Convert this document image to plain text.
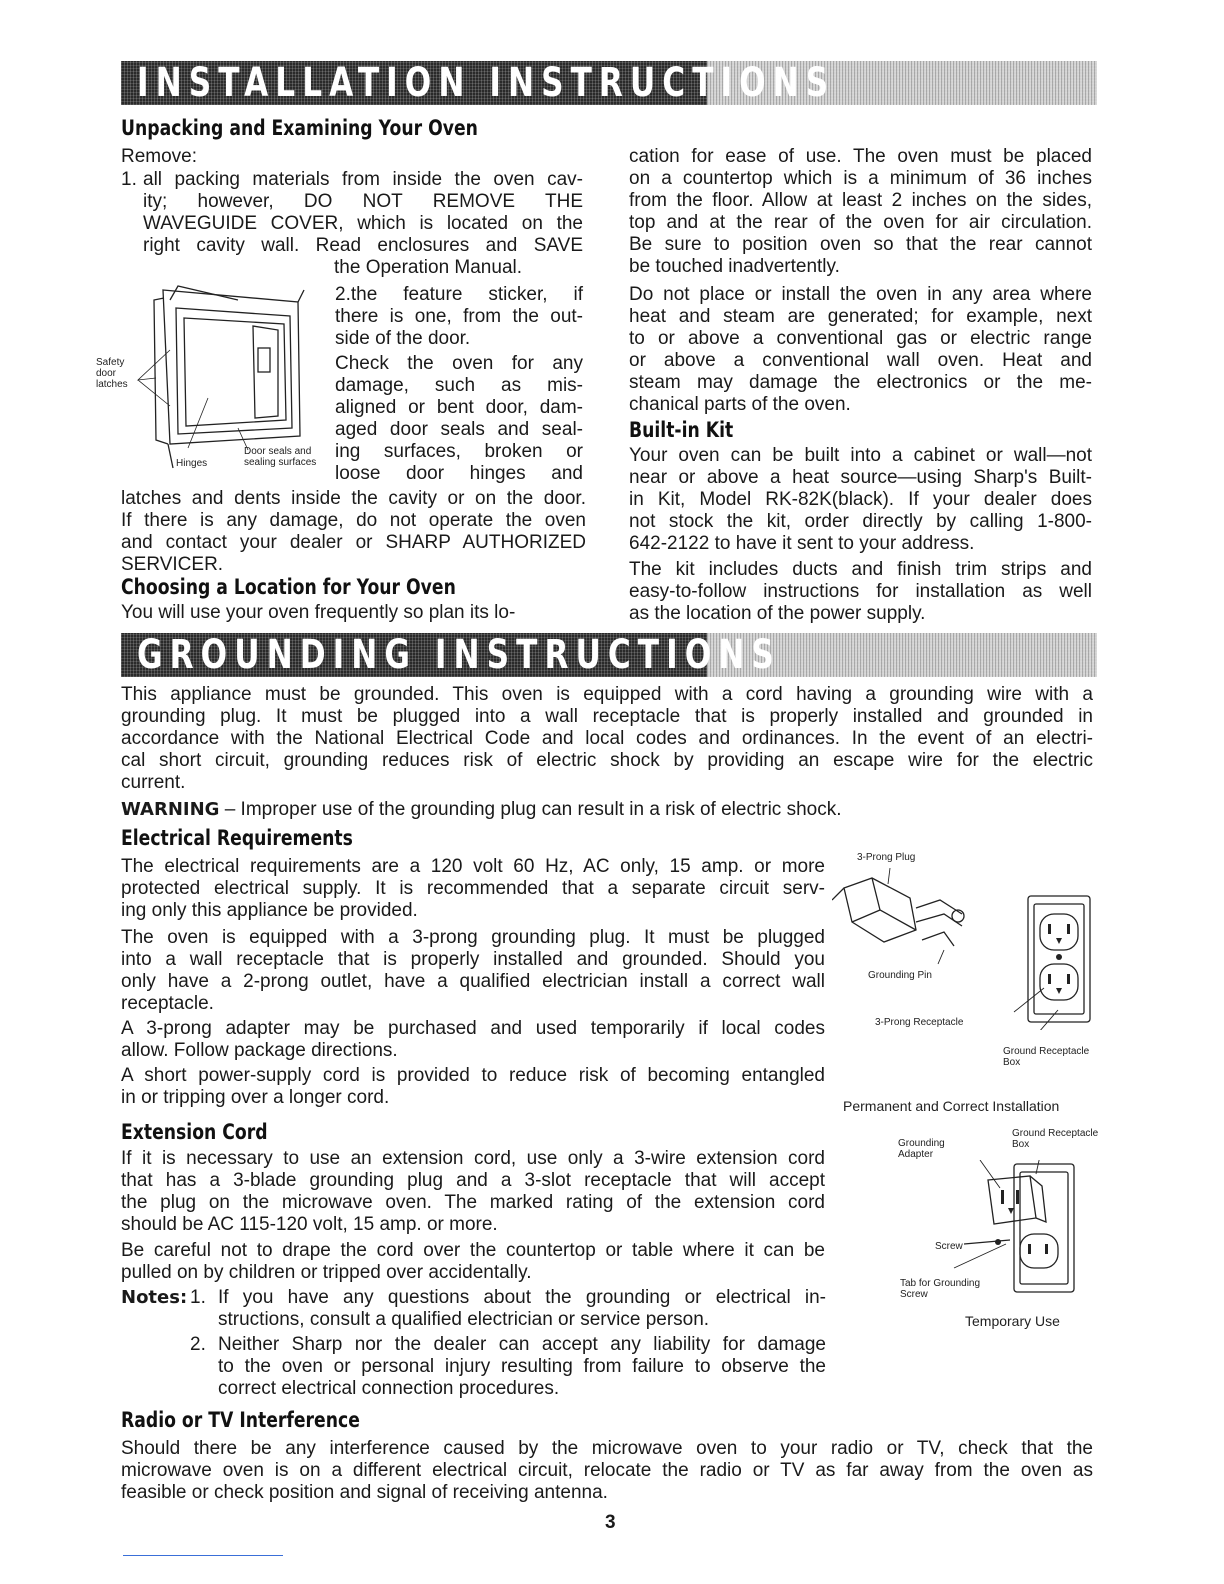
INSTALLATION INSTRUCTIONS
Unpacking and Examining Your Oven
Remove:
1. all packing materials from inside the oven cav-

ity; however, DO NOT REMOVE THE

WAVEGUIDE COVER, which is located on the

right cavity wall. Read enclosures and SAVE

the Operation Manual.

Safety door latches
Hinges
Door seals and sealing surfaces

2.the feature sticker, if

there is one, from the out-

side of the door.

Check the oven for any

damage, such as mis-

aligned or bent door, dam-

aged door seals and seal-

ing surfaces, broken or

loose door hinges and

latches and dents inside the cavity or on the door.

If there is any damage, do not operate the oven

and contact your dealer or SHARP AUTHORIZED

SERVICER.

Choosing a Location for Your Oven
You will use your oven frequently so plan its lo-

cation for ease of use. The oven must be placed

on a countertop which is a minimum of 36 inches

from the floor. Allow at least 2 inches on the sides,

top and at the rear of the oven for air circulation.

Be sure to position oven so that the rear cannot

be touched inadvertently.

Do not place or install the oven in any area where

heat and steam are generated; for example, next

to or above a conventional gas or electric range

or above a conventional wall oven. Heat and

steam may damage the electronics or the me-

chanical parts of the oven.

Built-in Kit

Your oven can be built into a cabinet or wall—not

near or above a heat source—using Sharp's Built-

in Kit, Model RK-82K(black). If your dealer does

not stock the kit, order directly by calling 1-800-

642-2122 to have it sent to your address.

The kit includes ducts and finish trim strips and

easy-to-follow instructions for installation as well

as the location of the power supply.

GROUNDING INSTRUCTIONS

This appliance must be grounded. This oven is equipped with a cord having a grounding wire with a

grounding plug. It must be plugged into a wall receptacle that is properly installed and grounded in

accordance with the National Electrical Code and local codes and ordinances. In the event of an electri-

cal short circuit, grounding reduces risk of electric shock by providing an escape wire for the electric

current.

WARNING – Improper use of the grounding plug can result in a risk of electric shock.
Electrical Requirements

The electrical requirements are a 120 volt 60 Hz, AC only, 15 amp. or more

protected electrical supply. It is recommended that a separate circuit serv-

ing only this appliance be provided.

The oven is equipped with a 3-prong grounding plug. It must be plugged

into a wall receptacle that is properly installed and grounded. Should you

only have a 2-prong outlet, have a qualified electrician install a correct wall

receptacle.

A 3-prong adapter may be purchased and used temporarily if local codes

allow. Follow package directions.

A short power-supply cord is provided to reduce risk of becoming entangled

in or tripping over a longer cord.

Extension Cord

If it is necessary to use an extension cord, use only a 3-wire extension cord

that has a 3-blade grounding plug and a 3-slot receptacle that will accept

the plug on the microwave oven. The marked rating of the extension cord

should be AC 115-120 volt, 15 amp. or more.

Be careful not to drape the cord over the countertop or table where it can be

pulled on by children or tripped over accidentally.

Notes: 1. If you have any questions about the grounding or electrical in-

structions, consult a qualified electrician or service person.

2. Neither Sharp nor the dealer can accept any liability for damage

to the oven or personal injury resulting from failure to observe the

correct electrical connection procedures.

Radio or TV Interference

Should there be any interference caused by the microwave oven to your radio or TV, check that the

microwave oven is on a different electrical circuit, relocate the radio or TV as far away from the oven as

feasible or check position and signal of receiving antenna.

3
3-Prong Plug
Grounding Pin
3-Prong Receptacle
Ground Receptacle Box
Permanent and Correct Installation
Grounding Adapter
Ground Receptacle Box
Screw
Tab for Grounding Screw
Temporary Use
